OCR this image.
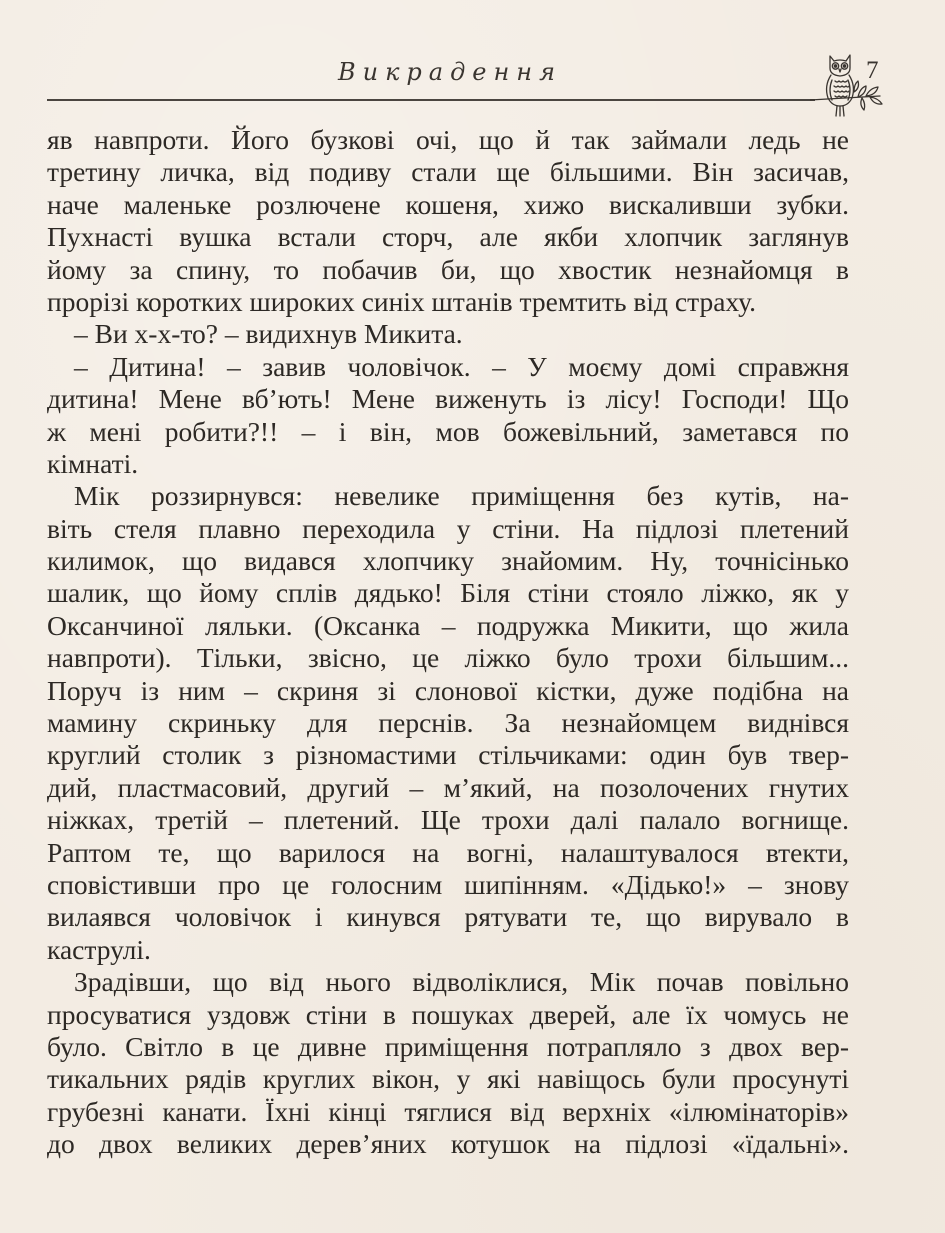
Викрадення	7
яв навпроти. Його бузкові очі, що й так займали ледь не
третину личка, від подиву стали ще більшими. Він засичав,
наче маленьке розлючене кошеня, хижо вискаливши зубки.
Пухнасті вушка встали сторч, але якби хлопчик заглянув
йому за спину, то побачив би, що хвостик незнайомця в
прорізі коротких широких синіх штанів тремтить від страху.
– Ви х-х-то? – видихнув Микита.
– Дитина! – завив чоловічок. – У моєму домі справжня
дитина! Мене вб’ють! Мене виженуть із лісу! Господи! Що
ж мені робити?!! – і він, мов божевільний, заметався по
кімнаті.
Мік роззирнувся: невелике приміщення без кутів, на-
віть стеля плавно переходила у стіни. На підлозі плетений
килимок, що видався хлопчику знайомим. Ну, точнісінько
шалик, що йому сплів дядько! Біля стіни стояло ліжко, як у
Оксанчиної ляльки. (Оксанка – подружка Микити, що жила
навпроти). Тільки, звісно, це ліжко було трохи більшим...
Поруч із ним – скриня зі слонової кістки, дуже подібна на
мамину скриньку для перснів. За незнайомцем виднівся
круглий столик з різномастими стільчиками: один був твер-
дий, пластмасовий, другий – м’який, на позолочених гнутих
ніжках, третій – плетений. Ще трохи далі палало вогнище.
Раптом те, що варилося на вогні, налаштувалося втекти,
сповістивши про це голосним шипінням. «Дідько!» – знову
вилаявся чоловічок і кинувся рятувати те, що вирувало в
каструлі.
Зрадівши, що від нього відволіклися, Мік почав повільно
просуватися уздовж стіни в пошуках дверей, але їх чомусь не
було. Світло в це дивне приміщення потрапляло з двох вер-
тикальних рядів круглих вікон, у які навіщось були просунуті
грубезні канати. Їхні кінці тяглися від верхніх «ілюмінаторів»
до двох великих дерев’яних котушок на підлозі «їдальні».
